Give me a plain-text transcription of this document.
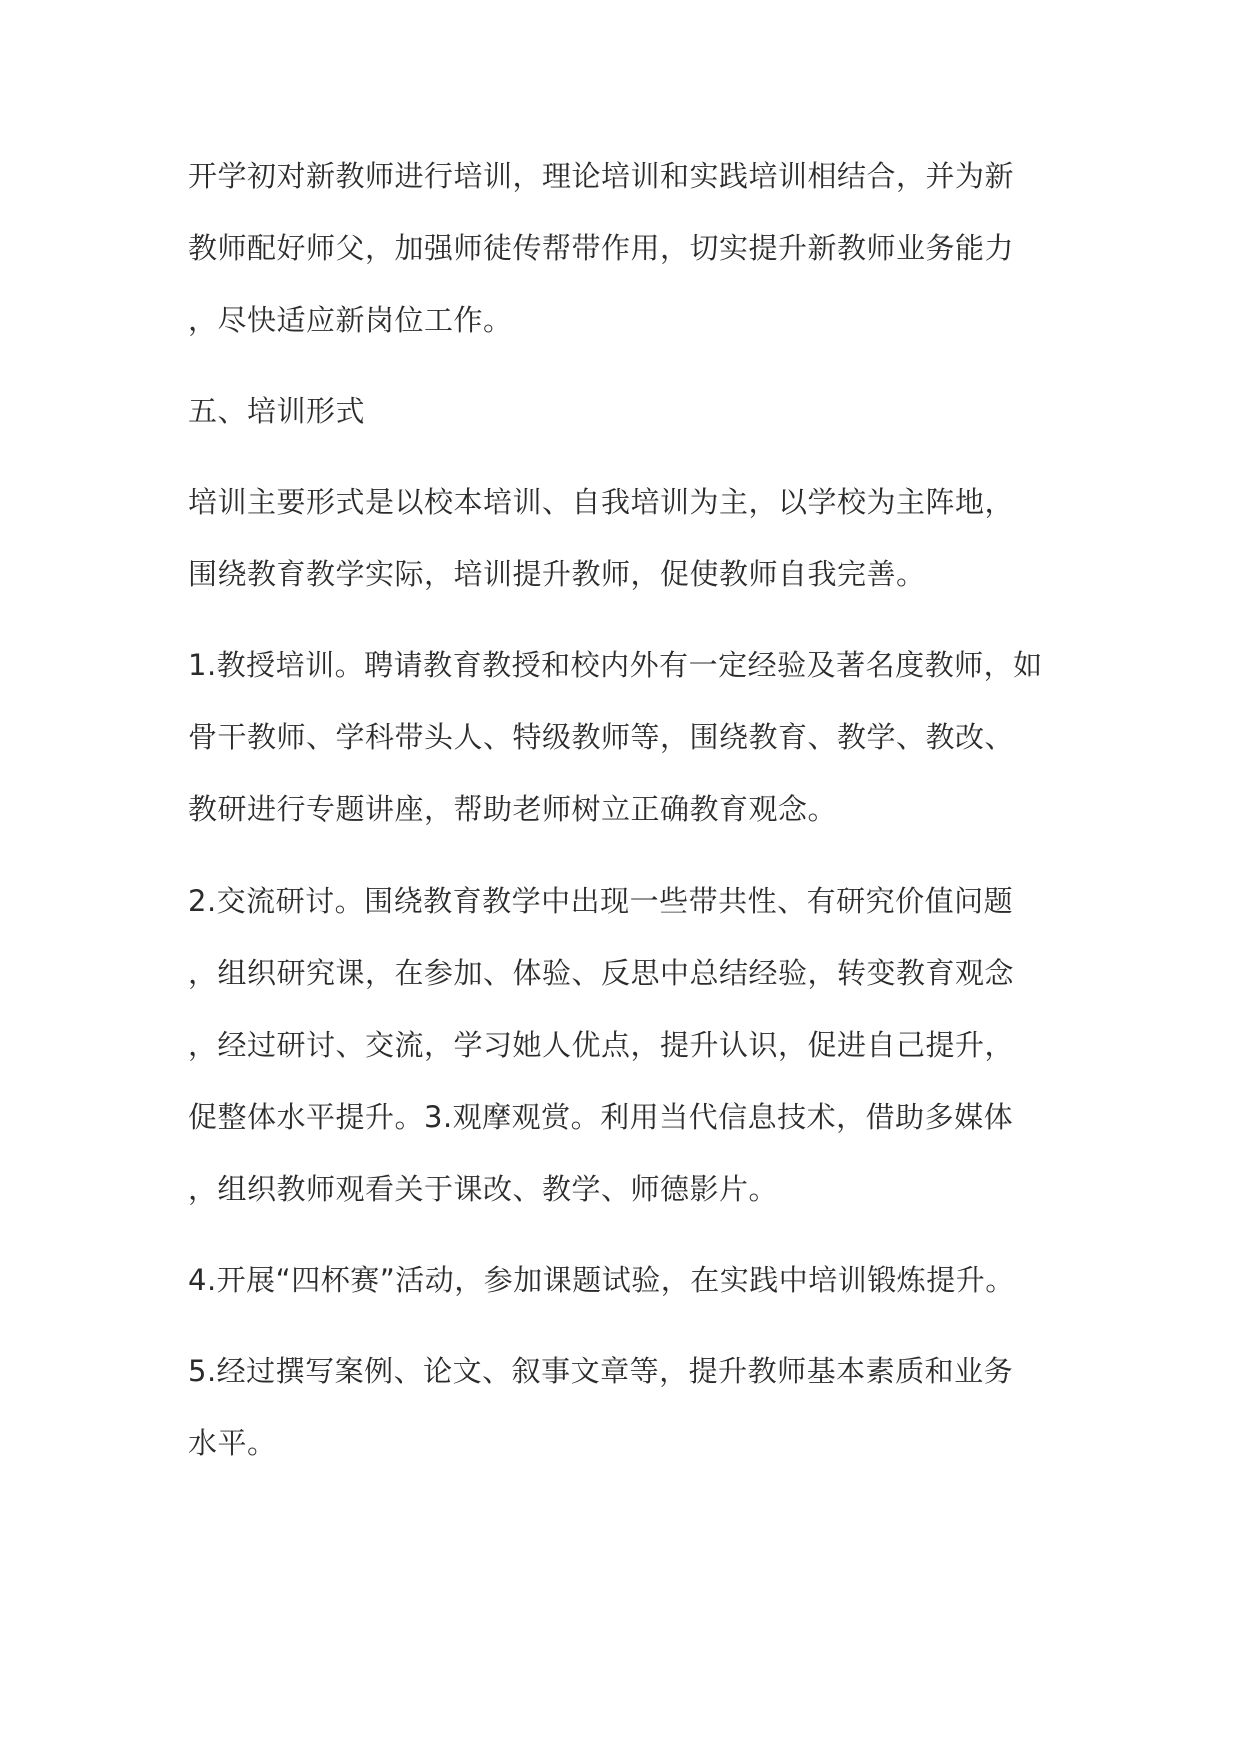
开学初对新教师进行培训，理论培训和实践培训相结合，并为新
教师配好师父，加强师徒传帮带作用，切实提升新教师业务能力
，尽快适应新岗位工作。
五、培训形式
培训主要形式是以校本培训、自我培训为主，以学校为主阵地，
围绕教育教学实际，培训提升教师，促使教师自我完善。
1.教授培训。聘请教育教授和校内外有一定经验及著名度教师，如
骨干教师、学科带头人、特级教师等，围绕教育、教学、教改、
教研进行专题讲座，帮助老师树立正确教育观念。
2.交流研讨。围绕教育教学中出现一些带共性、有研究价值问题
，组织研究课，在参加、体验、反思中总结经验，转变教育观念
，经过研讨、交流，学习她人优点，提升认识，促进自己提升，
促整体水平提升。3.观摩观赏。利用当代信息技术，借助多媒体
，组织教师观看关于课改、教学、师德影片。
4.开展“四杯赛”活动，参加课题试验，在实践中培训锻炼提升。
5.经过撰写案例、论文、叙事文章等，提升教师基本素质和业务
水平。
